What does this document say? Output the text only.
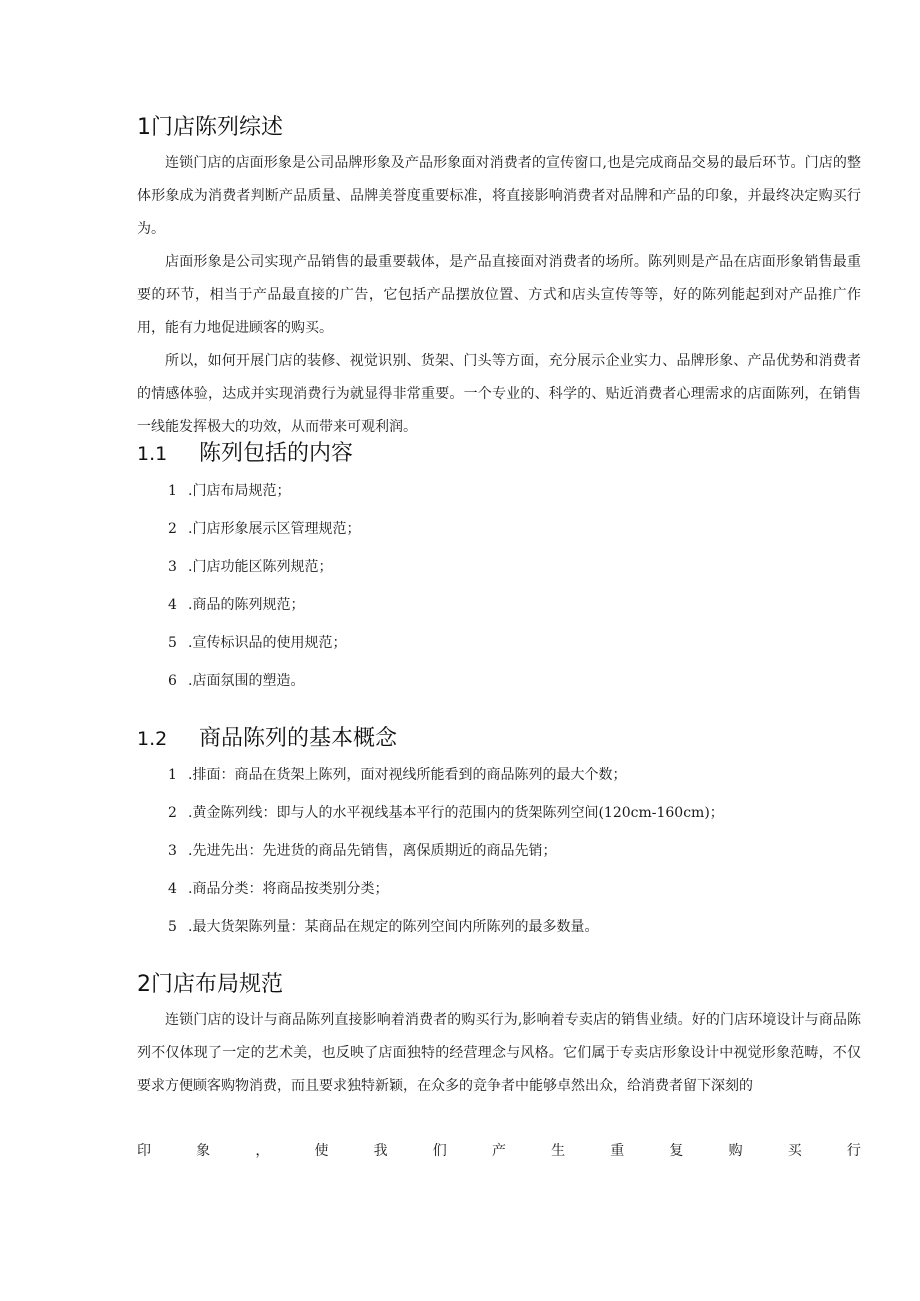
1门店陈列综述

连锁门店的店面形象是公司品牌形象及产品形象面对消费者的宣传窗口,也是完成商品交易的最后环节。门店的整体形象成为消费者判断产品质量、品牌美誉度重要标准，将直接影响消费者对品牌和产品的印象，并最终决定购买行为。

店面形象是公司实现产品销售的最重要载体，是产品直接面对消费者的场所。陈列则是产品在店面形象销售最重要的环节，相当于产品最直接的广告，它包括产品摆放位置、方式和店头宣传等等，好的陈列能起到对产品推广作用，能有力地促进顾客的购买。

所以，如何开展门店的装修、视觉识别、货架、门头等方面，充分展示企业实力、品牌形象、产品优势和消费者的情感体验，达成并实现消费行为就显得非常重要。一个专业的、科学的、贴近消费者心理需求的店面陈列，在销售一线能发挥极大的功效，从而带来可观利润。

1.1 陈列包括的内容
1 .门店布局规范；
2 .门店形象展示区管理规范；
3 .门店功能区陈列规范；
4 .商品的陈列规范；
5 .宣传标识品的使用规范；
6 .店面氛围的塑造。
1.2 商品陈列的基本概念
1 .排面：商品在货架上陈列，面对视线所能看到的商品陈列的最大个数；
2 .黄金陈列线：即与人的水平视线基本平行的范围内的货架陈列空间(120cm-160cm)；
3 .先进先出：先进货的商品先销售，离保质期近的商品先销；
4 .商品分类：将商品按类别分类；
5 .最大货架陈列量：某商品在规定的陈列空间内所陈列的最多数量。
2门店布局规范

连锁门店的设计与商品陈列直接影响着消费者的购买行为,影响着专卖店的销售业绩。好的门店环境设计与商品陈列不仅体现了一定的艺术美，也反映了店面独特的经营理念与风格。它们属于专卖店形象设计中视觉形象范畴，不仅要求方便顾客购物消费，而且要求独特新颖，在众多的竞争者中能够卓然出众，给消费者留下深刻的

印	象	，	使	我	们	产	生	重	复	购	买	行
